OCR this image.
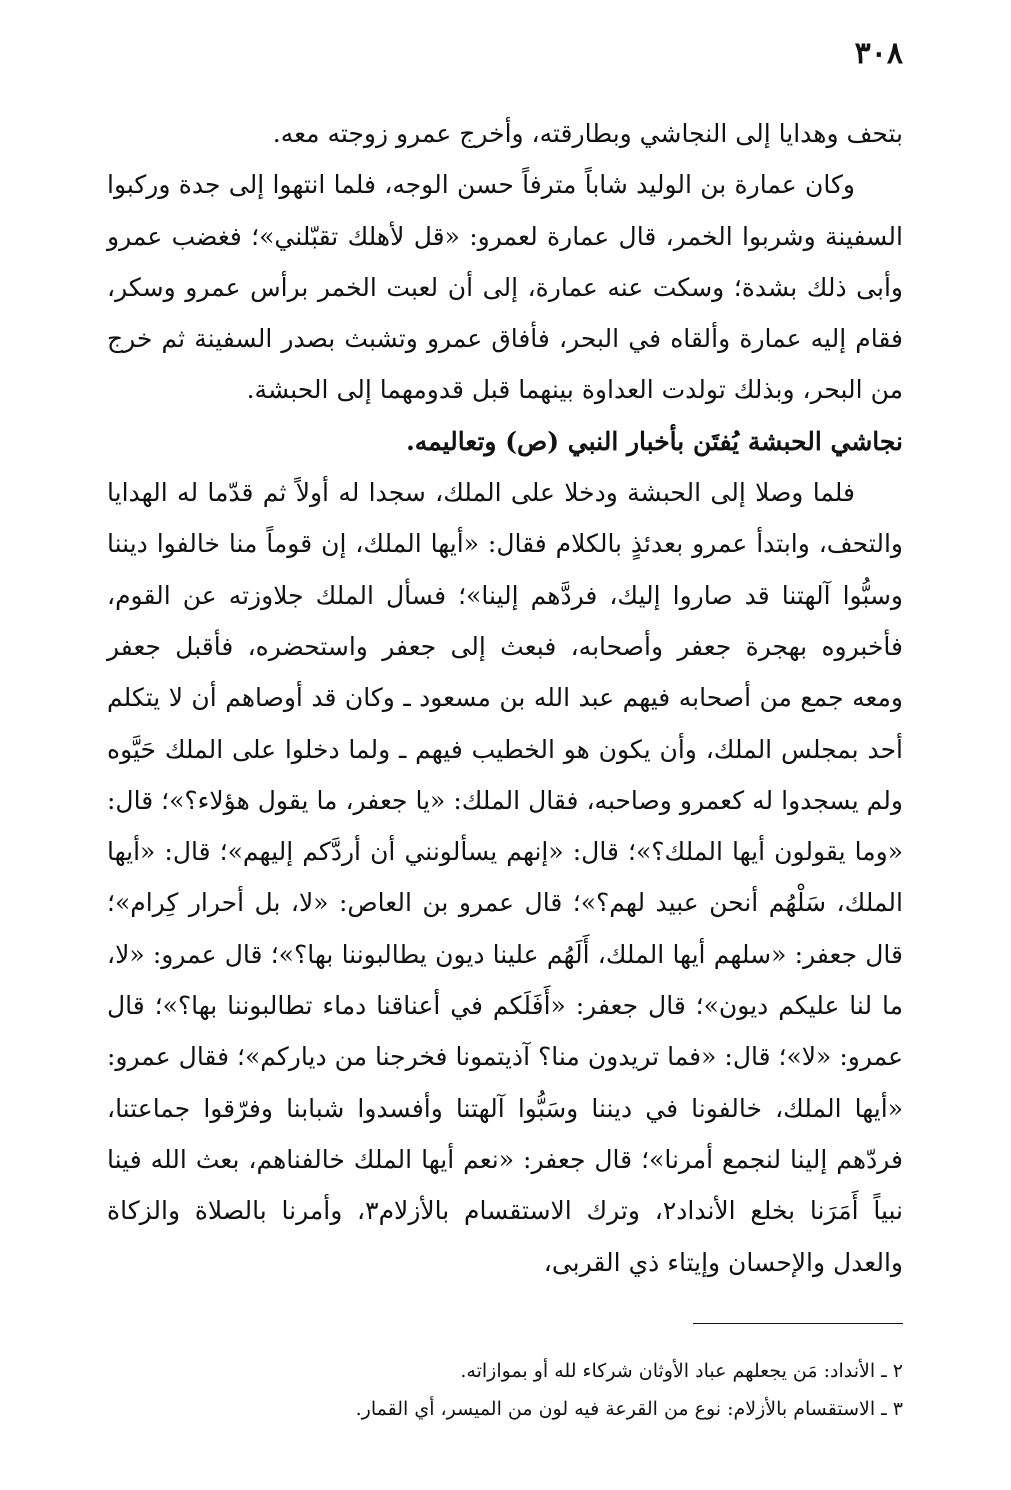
٣٠٨

بتحف وهدايا إلى النجاشي وبطارقته، وأخرج عمرو زوجته معه.

وكان عمارة بن الوليد شاباً مترفاً حسن الوجه، فلما انتهوا إلى جدة وركبوا السفينة وشربوا الخمر، قال عمارة لعمرو: «قل لأهلك تقبّلني»؛ فغضب عمرو وأبى ذلك بشدة؛ وسكت عنه عمارة، إلى أن لعبت الخمر برأس عمرو وسكر، فقام إليه عمارة وألقاه في البحر، فأفاق عمرو وتشبث بصدر السفينة ثم خرج من البحر، وبذلك تولدت العداوة بينهما قبل قدومهما إلى الحبشة.

نجاشي الحبشة يُفتَن بأخبار النبي (ص) وتعاليمه.

فلما وصلا إلى الحبشة ودخلا على الملك، سجدا له أولاً ثم قدّما له الهدايا والتحف، وابتدأ عمرو بعدئذٍ بالكلام فقال: «أيها الملك، إن قوماً منا خالفوا ديننا وسبُّوا آلهتنا قد صاروا إليك، فردَّهم إلينا»؛ فسأل الملك جلاوزته عن القوم، فأخبروه بهجرة جعفر وأصحابه، فبعث إلى جعفر واستحضره، فأقبل جعفر ومعه جمع من أصحابه فيهم عبد الله بن مسعود ـ وكان قد أوصاهم أن لا يتكلم أحد بمجلس الملك، وأن يكون هو الخطيب فيهم ـ ولما دخلوا على الملك حَيَّوه ولم يسجدوا له كعمرو وصاحبه، فقال الملك: «يا جعفر، ما يقول هؤلاء؟»؛ قال: «وما يقولون أيها الملك؟»؛ قال: «إنهم يسألونني أن أردَّكم إليهم»؛ قال: «أيها الملك، سَلْهُم أنحن عبيد لهم؟»؛ قال عمرو بن العاص: «لا، بل أحرار كِرام»؛ قال جعفر: «سلهم أيها الملك، أَلَهُم علينا ديون يطالبوننا بها؟»؛ قال عمرو: «لا، ما لنا عليكم ديون»؛ قال جعفر: «أَفَلَكم في أعناقنا دماء تطالبوننا بها؟»؛ قال عمرو: «لا»؛ قال: «فما تريدون منا؟ آذيتمونا فخرجنا من دياركم»؛ فقال عمرو: «أيها الملك، خالفونا في ديننا وسَبُّوا آلهتنا وأفسدوا شبابنا وفرّقوا جماعتنا، فردّهم إلينا لنجمع أمرنا»؛ قال جعفر: «نعم أيها الملك خالفناهم، بعث الله فينا نبياً أَمَرَنا بخلع الأنداد٢، وترك الاستقسام بالأزلام٣، وأمرنا بالصلاة والزكاة والعدل والإحسان وإيتاء ذي القربى،

٢ ـ الأنداد: مَن يجعلهم عباد الأوثان شركاء لله أو بموازاته.

٣ ـ الاستقسام بالأزلام: نوع من القرعة فيه لون من الميسر، أي القمار.
